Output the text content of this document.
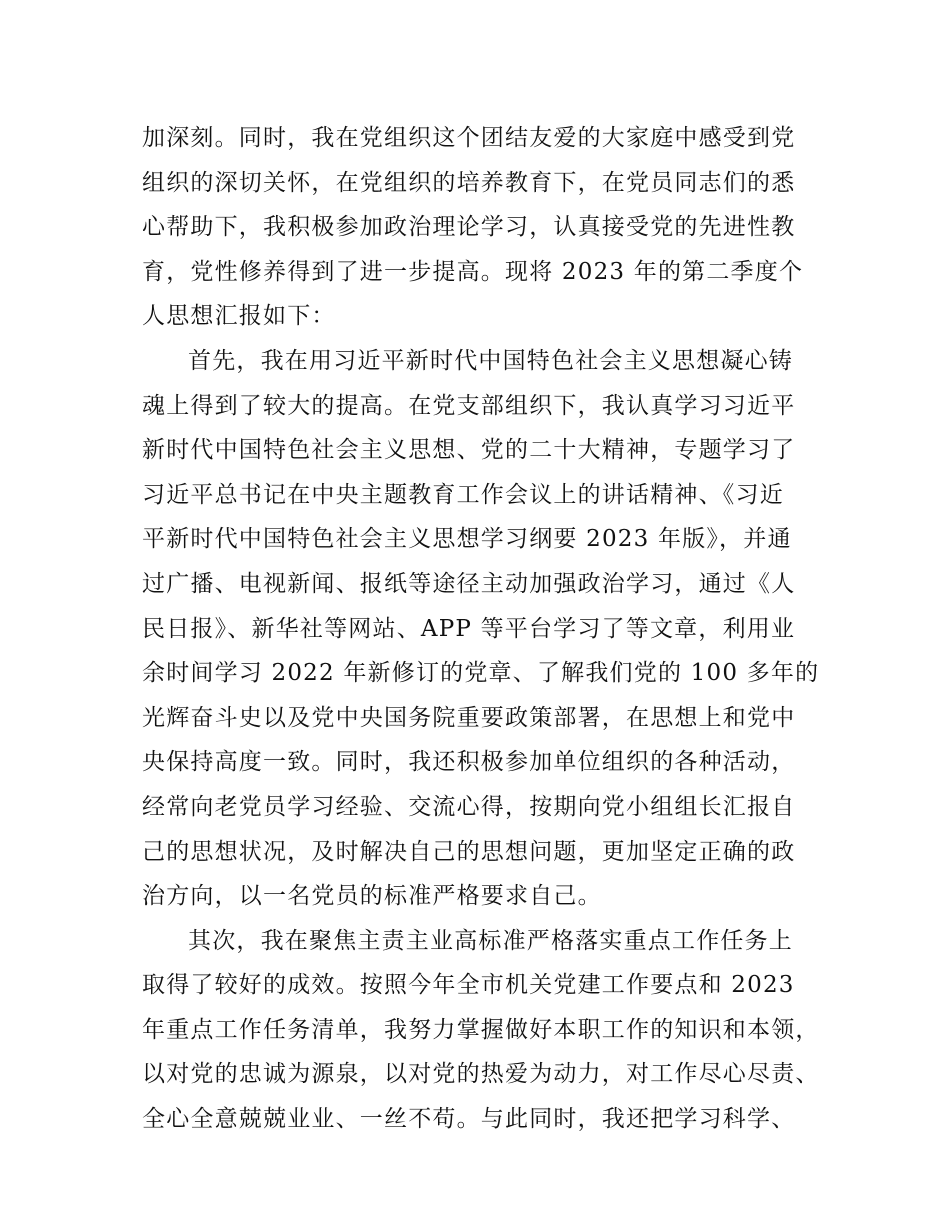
加深刻。同时，我在党组织这个团结友爱的大家庭中感受到党
组织的深切关怀，在党组织的培养教育下，在党员同志们的悉
心帮助下，我积极参加政治理论学习，认真接受党的先进性教
育，党性修养得到了进一步提高。现将 2023 年的第二季度个
人思想汇报如下：
首先，我在用习近平新时代中国特色社会主义思想凝心铸
魂上得到了较大的提高。在党支部组织下，我认真学习习近平
新时代中国特色社会主义思想、党的二十大精神，专题学习了
习近平总书记在中央主题教育工作会议上的讲话精神、《习近
平新时代中国特色社会主义思想学习纲要 2023 年版》，并通
过广播、电视新闻、报纸等途径主动加强政治学习，通过《人
民日报》、新华社等网站、APP 等平台学习了等文章，利用业
余时间学习 2022 年新修订的党章、了解我们党的 100 多年的
光辉奋斗史以及党中央国务院重要政策部署，在思想上和党中
央保持高度一致。同时，我还积极参加单位组织的各种活动，
经常向老党员学习经验、交流心得，按期向党小组组长汇报自
己的思想状况，及时解决自己的思想问题，更加坚定正确的政
治方向，以一名党员的标准严格要求自己。
其次，我在聚焦主责主业高标准严格落实重点工作任务上
取得了较好的成效。按照今年全市机关党建工作要点和 2023
年重点工作任务清单，我努力掌握做好本职工作的知识和本领，
以对党的忠诚为源泉，以对党的热爱为动力，对工作尽心尽责、
全心全意兢兢业业、一丝不苟。与此同时，我还把学习科学、
